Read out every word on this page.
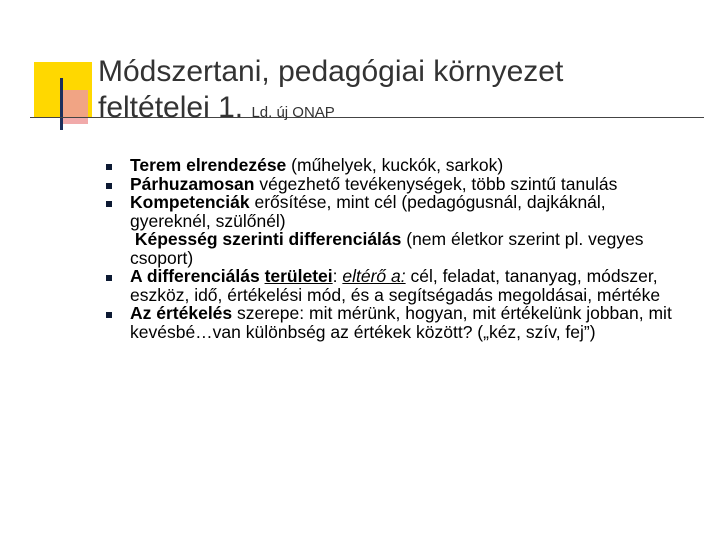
Módszertani, pedagógiai környezet
feltételei 1. Ld. új ONAP
Terem elrendezése (műhelyek, kuckók, sarkok)
Párhuzamosan végezhető tevékenységek, több szintű tanulás
Kompetenciák erősítése, mint cél (pedagógusnál, dajkáknál, gyereknél, szülőnél)
Képesség szerinti differenciálás (nem életkor szerint pl. vegyes csoport)
A differenciálás területei: eltérő a: cél, feladat, tananyag, módszer, eszköz, idő, értékelési mód, és a segítségadás megoldásai, mértéke
Az értékelés szerepe: mit mérünk, hogyan, mit értékelünk jobban, mit kevésbé…van különbség az értékek között? („kéz, szív, fej”)
